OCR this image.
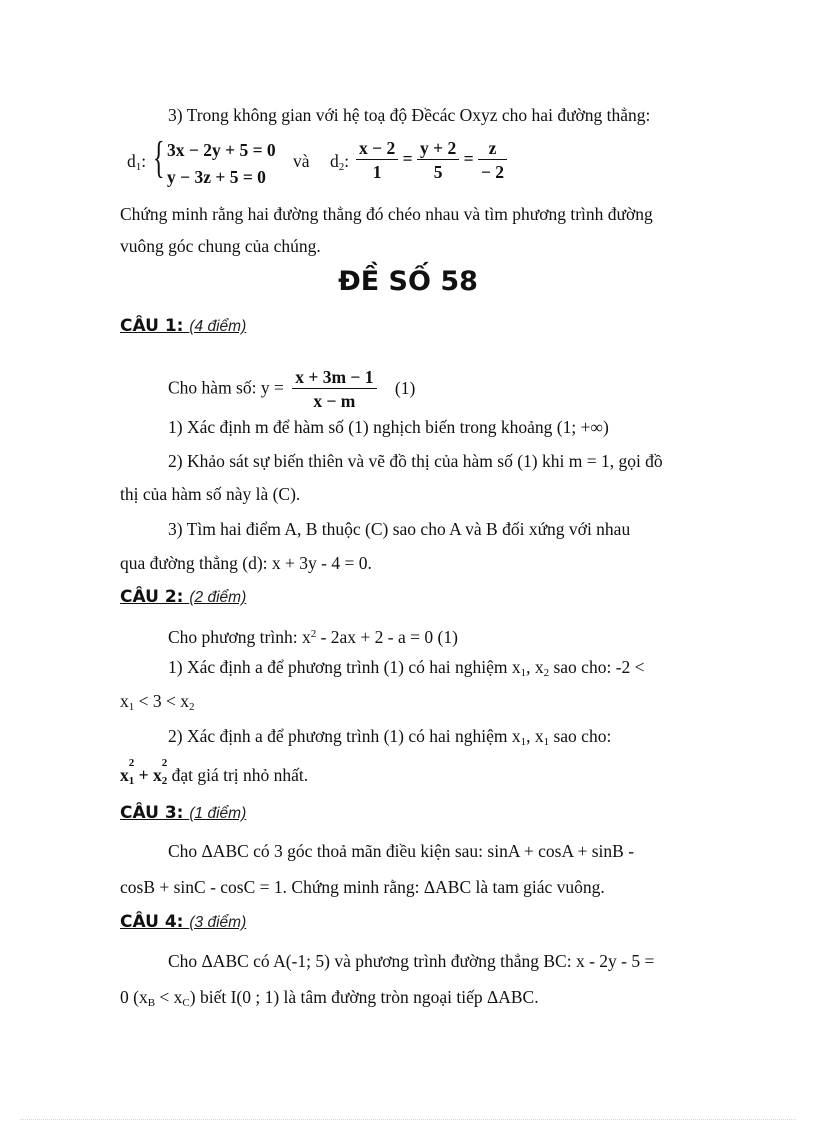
3) Trong không gian với hệ toạ độ Đềcác Oxyz cho hai đường thẳng:
$d_1$: { 3x − 2y + 5 = 0
y − 3z + 5 = 0
và $d_2$: $\frac{x - 2}{1} = \frac{y + 2}{5} = \frac{z}{- 2}$
Chứng minh rằng hai đường thẳng đó chéo nhau và tìm phương trình đường
vuông góc chung của chúng.
ĐỀ SỐ 58
CÂU 1: (4 điểm)
Cho hàm số: $y = \frac{x + 3m - 1}{x - m} (1)$
1) Xác định m để hàm số (1) nghịch biến trong khoảng (1; +∞)
2) Khảo sát sự biến thiên và vẽ đồ thị của hàm số (1) khi m = 1, gọi đồ
thị của hàm số này là (C).
3) Tìm hai điểm A, B thuộc (C) sao cho A và B đối xứng với nhau
qua đường thẳng (d): x + 3y - 4 = 0.
CÂU 2: (2 điểm)
Cho phương trình: $x^2 - 2ax + 2 - a = 0$ (1)
1) Xác định a để phương trình (1) có hai nghiệm $x_1$, $x_2$ sao cho: -2 <
$x_1 < 3 < x_2$
2) Xác định a để phương trình (1) có hai nghiệm $x_1$, $x_1$ sao cho:
x
2
$_1$ + x
2
$_2$ đạt giá trị nhỏ nhất.
CÂU 3: (1 điểm)
Cho ΔABC có 3 góc thoả mãn điều kiện sau: sinA + cosA + sinB -
cosB + sinC - cosC = 1. Chứng minh rằng: ΔABC là tam giác vuông.
CÂU 4: (3 điểm)
Cho ΔABC có A(-1; 5) và phương trình đường thẳng BC: x - 2y - 5 =
0 $(x_B < x_C)$ biết I(0 ; 1) là tâm đường tròn ngoại tiếp ΔABC.
